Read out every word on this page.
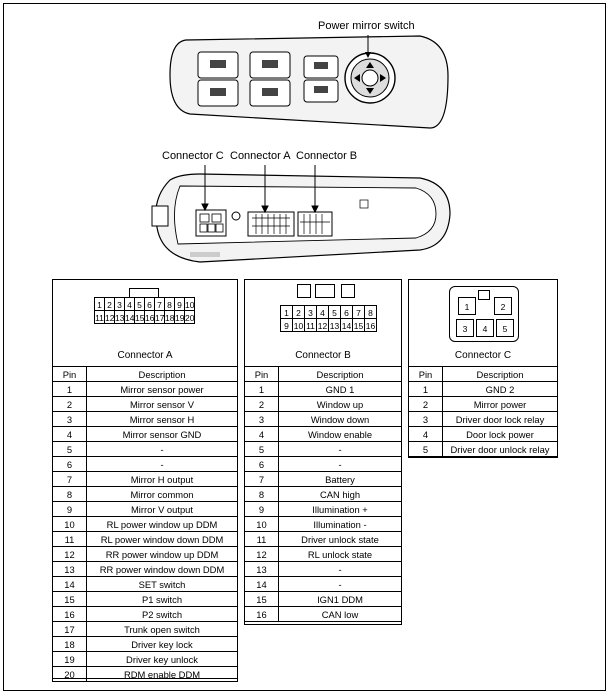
Power mirror switch
Connector C Connector A Connector B
1 2 3 4 5 6 7 8 9 10
11 12 13 14 15 16 17 18 19 20
Connector A
Pin	Description
1	Mirror sensor power
2	Mirror sensor V
3	Mirror sensor H
4	Mirror sensor GND
5	-
6	-
7	Mirror H output
8	Mirror common
9	Mirror V output
10	RL power window up DDM
11	RL power window down DDM
12	RR power window up DDM
13	RR power window down DDM
14	SET switch
15	P1 switch
16	P2 switch
17	Trunk open switch
18	Driver key lock
19	Driver key unlock
20	RDM enable DDM
1 2 3 4 5 6 7 8
9 10 11 12 13 14 15 16
Connector B
Pin	Description
1	GND 1
2	Window up
3	Window down
4	Window enable
5	-
6	-
7	Battery
8	CAN high
9	Illumination +
10	Illumination -
11	Driver unlock state
12	RL unlock state
13	-
14	-
15	IGN1 DDM
16	CAN low
1	2
3	4	5
Connector C
Pin	Description
1	GND 2
2	Mirror power
3	Driver door lock relay
4	Door lock power
5	Driver door unlock relay
